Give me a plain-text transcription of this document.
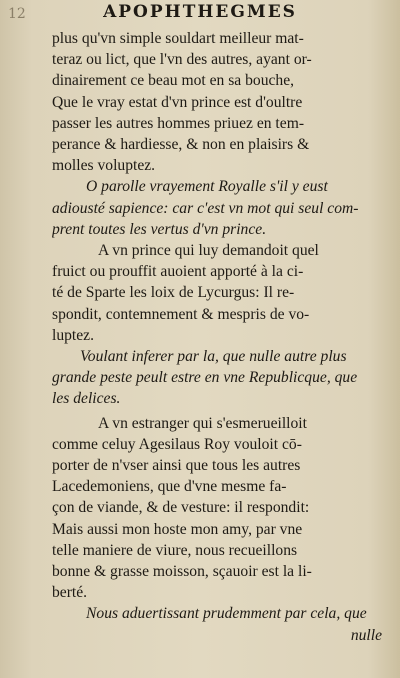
12	APOPHTHEGMES
plus qu'vn simple souldart meilleur mat-
teraz ou lict, que l'vn des autres, ayant or-
dinairement ce beau mot en sa bouche,
Que le vray estat d'vn prince est d'oultre
passer les autres hommes priuez en tem-
perance & hardiesse, & non en plaisirs &
molles voluptez.
O parolle vrayement Royalle s'il y eust
adiousté sapience: car c'est vn mot qui seul com-
prent toutes les vertus d'vn prince.
A vn prince qui luy demandoit quel
fruict ou prouffit auoient apporté à la ci-
té de Sparte les loix de Lycurgus: Il re-
spondit, contemnement & mespris de vo-
luptez.
Voulant inferer par la, que nulle autre plus
grande peste peult estre en vne Republicque, que
les delices.
A vn estranger qui s'esmerueilloit
comme celuy Agesilaus Roy vouloit cō-
porter de n'vser ainsi que tous les autres
Lacedemoniens, que d'vne mesme fa-
çon de viande, & de vesture: il respondit:
Mais aussi mon hoste mon amy, par vne
telle maniere de viure, nous recueillons
bonne & grasse moisson, sçauoir est la li-
berté.
Nous aduertissant prudemment par cela, que
nulle
